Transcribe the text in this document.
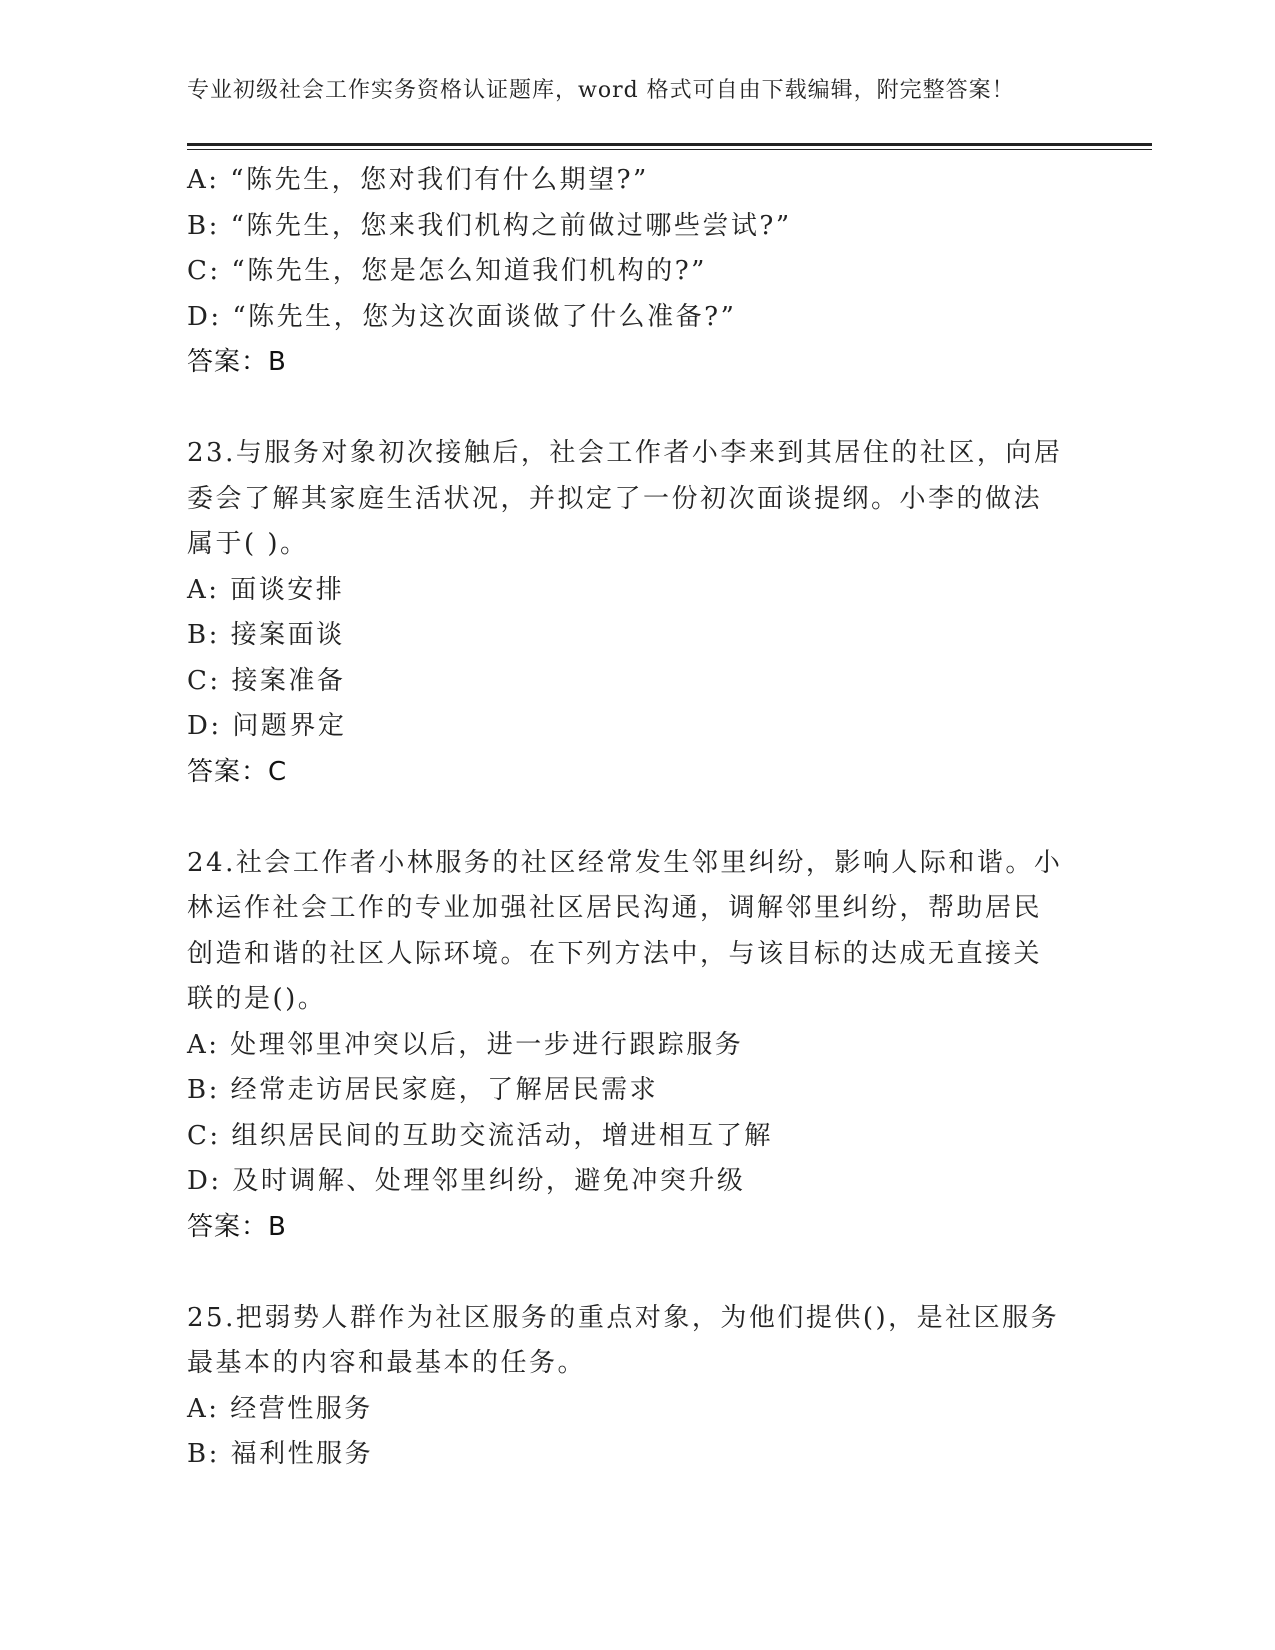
专业初级社会工作实务资格认证题库，word 格式可自由下载编辑，附完整答案！
A: “陈先生，您对我们有什么期望?”
B: “陈先生，您来我们机构之前做过哪些尝试?”
C: “陈先生，您是怎么知道我们机构的?”
D: “陈先生，您为这次面谈做了什么准备?”
答案：B
23.与服务对象初次接触后，社会工作者小李来到其居住的社区，向居
委会了解其家庭生活状况，并拟定了一份初次面谈提纲。小李的做法
属于( )。
A: 面谈安排
B: 接案面谈
C: 接案准备
D: 问题界定
答案：C
24.社会工作者小林服务的社区经常发生邻里纠纷，影响人际和谐。小
林运作社会工作的专业加强社区居民沟通，调解邻里纠纷，帮助居民
创造和谐的社区人际环境。在下列方法中，与该目标的达成无直接关
联的是()。
A: 处理邻里冲突以后，进一步进行跟踪服务
B: 经常走访居民家庭，了解居民需求
C: 组织居民间的互助交流活动，增进相互了解
D: 及时调解、处理邻里纠纷，避免冲突升级
答案：B
25.把弱势人群作为社区服务的重点对象，为他们提供()，是社区服务
最基本的内容和最基本的任务。
A: 经营性服务
B: 福利性服务
